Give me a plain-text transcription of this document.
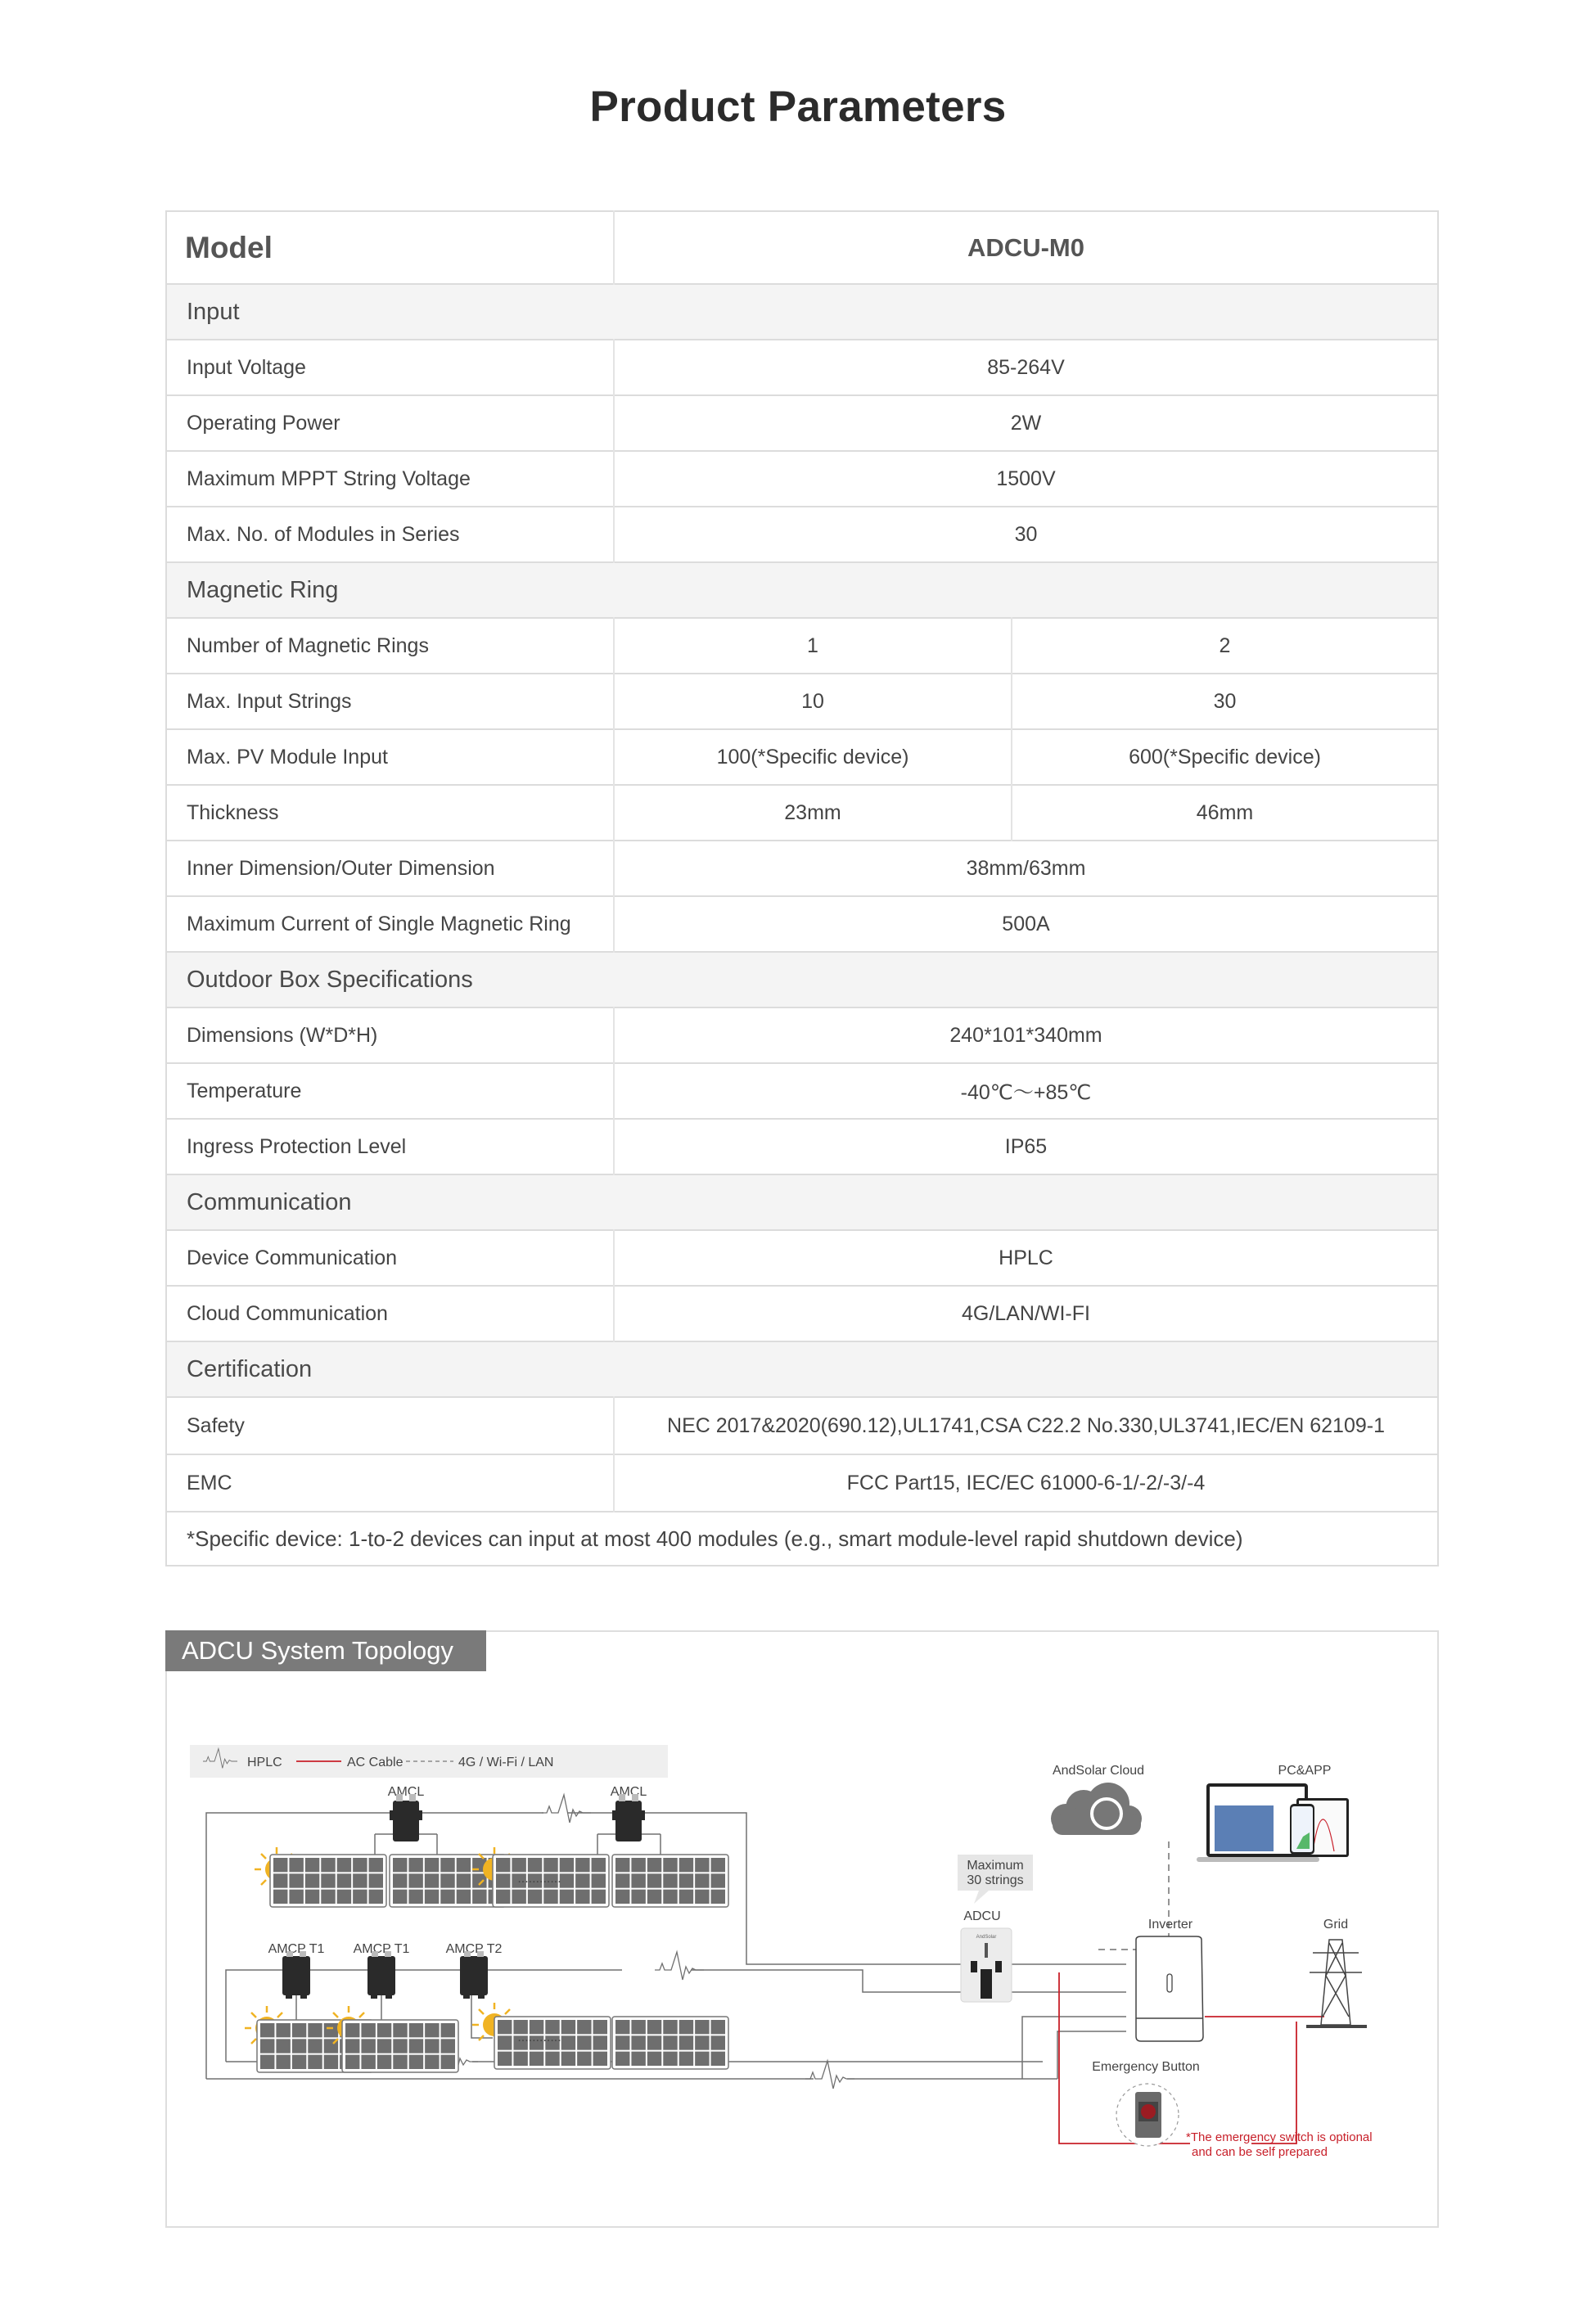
Product Parameters
Model	ADCU-M0	
Input		
Input Voltage	85-264V	
Operating Power	2W	
Maximum MPPT String Voltage	1500V	
Max. No. of Modules in Series	30	
Magnetic Ring		
Number of Magnetic Rings	1	2
Max. Input Strings	10	30
Max. PV Module Input	100(*Specific device)	600(*Specific device)
Thickness	23mm	46mm
Inner Dimension/Outer Dimension	38mm/63mm	
Maximum Current of Single Magnetic Ring	500A	
Outdoor Box Specifications		
Dimensions (W*D*H)	240*101*340mm	
Temperature	-40℃～+85℃	
Ingress Protection Level	IP65	
Communication		
Device Communication	HPLC	
Cloud Communication	4G/LAN/WI-FI	
Certification		
Safety	NEC 2017&2020(690.12),UL1741,CSA C22.2 No.330,UL3741,IEC/EN 62109-1	
EMC	FCC Part15, IEC/EC 61000-6-1/-2/-3/-4	
*Specific device: 1-to-2 devices can input at most 400 modules (e.g., smart module-level rapid shutdown device)		
ADCU System Topology
HPLC	AC Cable	4G / Wi-Fi / LAN
AMCL	AMCL
AMCP T1 AMCP T1	AMCP T2
............
............
AndSolar Cloud	PC&APP
Maximum
30 strings
ADCU
AndSolar
Inverter	Grid
Emergency Button
*The emergency switch is optional
and can be self prepared
